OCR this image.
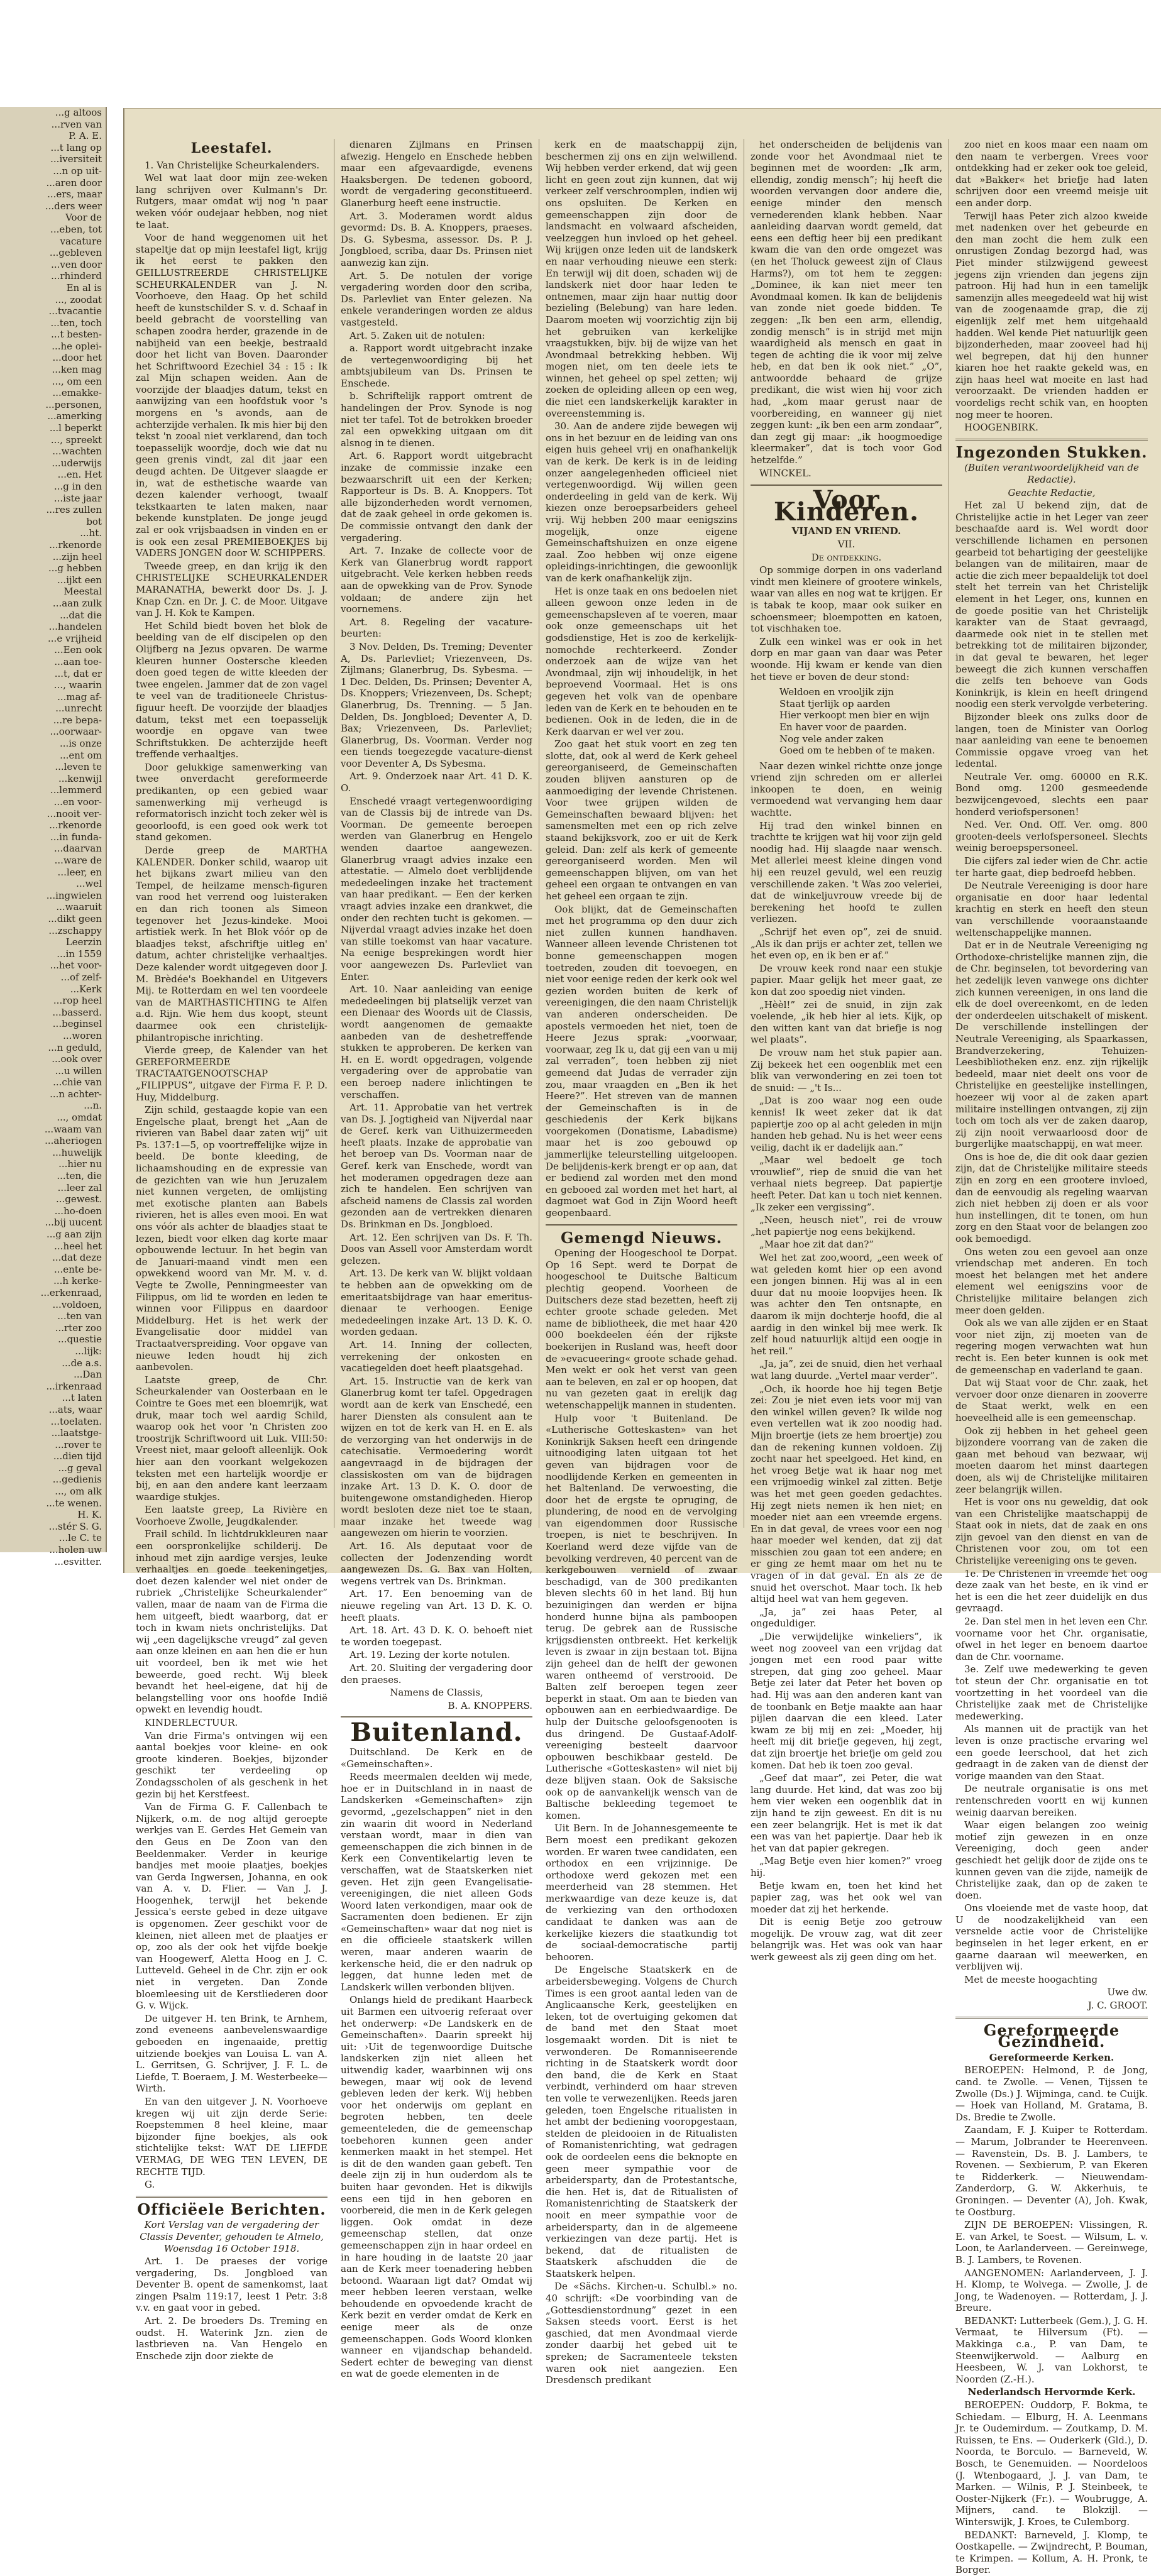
...g altoos
...rven van
P. A. E.
...t lang op
...iversiteit
...n op uit-
...aren door
...ers, maar
...ders weer
Voor de
...eben, tot
vacature
...gebleven
...ven door
...rhinderd
En al is
..., zoodat
...tvacantie
...ten, toch
...t besten-
...he oplei-
...door het
...ken mag
..., om een
...emakke-
...personen,
...amerking
...l beperkt
..., spreekt
...wachten
...uderwijs
...en. Het
...g in den
...iste jaar
...res zullen
bot
...ht.
...rkenorde
...zijn heel
...g hebben
...ijkt een
Meestal
...aan zulk
...dat die
...handelen
...e vrijheid
...Een ook
...aan toe-
...t, dat er
..., waarin
...mag af-
...unrecht
...re bepa-
...oorwaar-
...is onze
...ent om
...leven te
...kenwijl
...lemmerd
...en voor-
...nooit ver-
...rkenorde
...in funda-
...daarvan
...ware de
...leer, en
...wel
...ingwielen
...waaruit
...dikt geen
...zschappy
Leerzin
...in 1559
...het voor-
...of zelf-
...Kerk
...rop heel
...basserd.
...beginsel
...woren
...n geduld,
...ook over
...u willen
...chie van
...n achter-
...n.
..., omdat
...waam van
...aheriogen
...huwelijk
...hier nu
...ten, die
...leer zal
...gewest.
...ho-doen
...bij uucent
...g aan zijn
...heel het
...dat deze
...ente be-
...h kerke-
...erkenraad,
...voldoen,
...ten van
...rter zoo
...questie
...lijk:
...de a.s.
...Dan
...irkenraad
...t laten
...ats, waar
...toelaten.
...laatstge-
...rover te
...dien tijd
...g geval
...gedienis
..., om alk
...te wenen.
H. K.
...stér S. G.
...le C. te
...holen uw
...esvitter.
Leestafel.

1. Van Christelijke Scheurkalenders.

Wel wat laat door mijn zee-weken lang schrijven over Kulmann's Dr. Rutgers, maar omdat wij nog 'n paar weken vóór oudejaar hebben, nog niet te laat.

Voor de hand weggenomen uit het stapeltje dat op mijn leestafel ligt, krijg ik het eerst te pakken den GEILLUSTREERDE CHRISTELIJKE SCHEURKALENDER van J. N. Voorhoeve, den Haag. Op het schild heeft de kunstschilder S. v. d. Schaaf in beeld gebracht de voorstelling van schapen zoodra herder, grazende in de nabijheid van een beekje, bestraald door het licht van Boven. Daaronder het Schriftwoord Ezechiel 34 : 15 : Ik zal Mijn schapen weiden. Aan de voorzijde der blaadjes datum, tekst en aanwijzing van een hoofdstuk voor 's morgens en 's avonds, aan de achterzijde verhalen. Ik mis hier bij den tekst 'n zooal niet verklarend, dan toch toepasselijk woordje, doch wie dat nu geen grenis vindt, zal dit jaar een deugd achten. De Uitgever slaagde er in, wat de esthetische waarde van dezen kalender verhoogt, twaalf tekstkaarten te laten maken, naar bekende kunstplaten. De jonge jeugd zal er ook vrijsbaadsen in vinden en er is ook een zesal PREMIEBOEKJES bij VADERS JONGEN door W. SCHIPPERS.

Tweede greep, en dan krijg ik den CHRISTELIJKE SCHEURKALENDER MARANATHA, bewerkt door Ds. J. J. Knap Czn. en Dr. J. C. de Moor. Uitgave van J. H. Kok te Kampen.

Het Schild biedt boven het blok de beelding van de elf discipelen op den Olijfberg na Jezus opvaren. De warme kleuren hunner Oostersche kleeden doen goed tegen de witte kleeden der twee engelen. Jammer dat de zon vagel te veel van de traditioneele Christus-figuur heeft. De voorzijde der blaadjes datum, tekst met een toepasselijk woordje en opgave van twee Schriftstukken. De achterzijde heeft treffende verhaaltjes.

Door gelukkige samenwerking van twee onverdacht gereformeerde predikanten, op een gebied waar samenwerking mij verheugd is reformatorisch inzicht toch zeker wèl is geoorloofd, is een goed ook werk tot stand gekomen.

Derde greep de MARTHA KALENDER. Donker schild, waarop uit het bijkans zwart milieu van den Tempel, de heilzame mensch-figuren van rood het verrend oog luisteraken en dan rich toonen als Simeon tegenover het Jezus-kindeke. Mooi artistiek werk. In het Blok vóór op de blaadjes tekst, afschriftje uitleg en' datum, achter christelijke verhaaltjes. Deze kalender wordt uitgegeven door J. M. Brèdée's Boekhandel en Uitgevers Mij. te Rotterdam en wel ten voordeele van de MARTHASTICHTING te Alfen a.d. Rijn. Wie hem dus koopt, steunt daarmee ook een christelijk-philantropische inrichting.

Vierde greep, de Kalender van het GEREFORMEERDE TRACTAATGENOOTSCHAP „FILIPPUS”, uitgave der Firma F. P. D. Huy, Middelburg.

Zijn schild, gestaagde kopie van een Engelsche plaat, brengt het „Aan de rivieren van Babel daar zaten wij” uit Ps. 137:1—5, op voortreffelijke wijze in beeld. De bonte kleeding, de lichaamshouding en de expressie van de gezichten van wie hun Jeruzalem niet kunnen vergeten, de omlijsting met exotische planten aan Babels rivieren, het is alles even mooi. En wat ons vóór als achter de blaadjes staat te lezen, biedt voor elken dag korte maar opbouwende lectuur. In het begin van de Januari-maand vindt men een opwekkend woord van Mr. M. v. d. Vegte te Zwolle, Penningmeester van Filippus, om lid te worden en leden te winnen voor Filippus en daardoor Middelburg. Het is het werk der Evangelisatie door middel van Tractaatverspreiding. Voor opgave van nieuwe leden houdt hij zich aanbevolen.

Laatste greep, de Chr. Scheurkalender van Oosterbaan en le Cointre te Goes met een bloemrijk, wat druk, maar toch wel aardig Schild, waarop ook het voor 'n Christen zoo troostrijk Schriftwoord uit Luk. VIII:50: Vreest niet, maar gelooft alleenlijk. Ook hier aan den voorkant welgekozen teksten met een hartelijk woordje er bij, en aan den andere kant leerzaam waardige stukjes.

Een laatste greep, La Rivière en Voorhoeve Zwolle, Jeugdkalender.

Frail schild. In lichtdrukkleuren naar een oorspronkelijke schilderij. De inhoud met zijn aardige versjes, leuke verhaaltjes en goede teekeningetjes, doet dezen kalender wel niet onder de rubriek „Christelijke Scheurkalender” vallen, maar de naam van de Firma die hem uitgeeft, biedt waarborg, dat er toch in kwam niets onchristelijks. Dat wij „een dagelijksche vreugd” zal geven aan onze kleinen en aan hen die er hun uit voordeel, ben ik met wie het beweerde, goed recht. Wij bleek bevandt het heel-eigene, dat hij de belangstelling voor ons hoofde Indië opwekt en levendig houdt.

KINDERLECTUUR.

Van drie Firma's ontvingen wij een aantal boekjes voor kleine- en ook groote kinderen. Boekjes, bijzonder geschikt ter verdeeling op Zondagsscholen of als geschenk in het gezin bij het Kerstfeest.

Van de Firma G. F. Callenbach te Nijkerk, o.m. de nog altijd geroepte werkjes van E. Gerdes Het Gemein van den Geus en De Zoon van den Beeldenmaker. Verder in keurige bandjes met mooie plaatjes, boekjes van Gerda Ingwersen, Johanna, en ook van A. v. D. Flier. — Van J. J. Hoogenhek, terwijl het bekende Jessica's eerste gebed in deze uitgave is opgenomen. Zeer geschikt voor de kleinen, niet alleen met de plaatjes er op, zoo als der ook het vijfde boekje van Hoogewerf, Aletta Hoog en J. C. Lutteveld. Geheel in de Chr. zijn er ook niet in vergeten. Dan Zonde bloemleesing uit de Kerstliederen door G. v. Wijck.

De uitgever H. ten Brink, te Arnhem, zond eveneens aanbevelenswaardige geboeden en ingenaaide, prettig uitziende boekjes van Louisa L. van A. L. Gerritsen, G. Schrijver, J. F. L. de Liefde, T. Boeraem, J. M. Westerbeeke—Wirth.

En van den uitgever J. N. Voorhoeve kregen wij uit zijn derde Serie: Roepstemmen 8 heel kleine, maar bijzonder fijne boekjes, als ook stichtelijke tekst: WAT DE LIEFDE VERMAG, DE WEG TEN LEVEN, DE RECHTE TIJD.

G.

Officiëele Berichten.

Kort Verslag van de vergadering der Classis Deventer, gehouden te Almelo, Woensdag 16 October 1918.

Art. 1. De praeses der vorige vergadering, Ds. Jongbloed van Deventer B. opent de samenkomst, laat zingen Psalm 119:17, leest 1 Petr. 3:8 v.v. en gaat voor in gebed.

Art. 2. De broeders Ds. Treming en oudst. H. Waterink Jzn. zien de lastbrieven na. Van Hengelo en Enschede zijn door ziekte de

dienaren Zijlmans en Prinsen afwezig. Hengelo en Enschede hebben maar een afgevaardigde, evenens Haaksbergen. De tedenen goboord, wordt de vergadering geconstitueerd. Glanerburg heeft eene instructie.

Art. 3. Moderamen wordt aldus gevormd: Ds. B. A. Knoppers, praeses. Ds. G. Sybesma, assessor. Ds. P. J. Jongbloed, scriba, daar Ds. Prinsen niet aanwezig kan zijn.

Art. 5. De notulen der vorige vergadering worden door den scriba, Ds. Parlevliet van Enter gelezen. Na enkele veranderingen worden ze aldus vastgesteld.

Art. 5. Zaken uit de notulen:

a. Rapport wordt uitgebracht inzake de vertegenwoordiging bij het ambtsjubileum van Ds. Prinsen te Enschede.

b. Schriftelijk rapport omtrent de handelingen der Prov. Synode is nog niet ter tafel. Tot de betrokken broeder zal een opwekking uitgaan om dit alsnog in te dienen.

Art. 6. Rapport wordt uitgebracht inzake de commissie inzake een bezwaarschrift uit een der Kerken; Rapporteur is Ds. B. A. Knoppers. Tot alle bijzonderheden wordt vernomen, dat de zaak geheel in orde gekomen is. De commissie ontvangt den dank der vergadering.

Art. 7. Inzake de collecte voor de Kerk van Glanerbrug wordt rapport uitgebracht. Vele kerken hebben reeds aan de opwekking van de Prov. Synode voldaan; de andere zijn het voornemens.

Art. 8. Regeling der vacature-beurten:

3 Nov. Delden, Ds. Treming; Deventer A, Ds. Parlevliet; Vriezenveen, Ds. Zijlmans; Glanerbrug, Ds. Sybesma. — 1 Dec. Delden, Ds. Prinsen; Deventer A, Ds. Knoppers; Vriezenveen, Ds. Schept; Glanerbrug, Ds. Trenning. — 5 Jan. Delden, Ds. Jongbloed; Deventer A, D. Bax; Vriezenveen, Ds. Parlevliet; Glanerbrug, Ds. Voorman. Verder nog een tiends toegezegde vacature-dienst voor Deventer A, Ds Sybesma.

Art. 9. Onderzoek naar Art. 41 D. K. O.

Enschedé vraagt vertegenwoordiging van de Classis bij de intrede van Ds. Voorman. De gemeente beroepen werden van Glanerbrug en Hengelo wenden daartoe aangewezen. Glanerbrug vraagt advies inzake een attestatie. — Almelo doet verblijdende mededeelingen inzake het tractement van haar predikant. — Een der kerken vraagt advies inzake een drankwet, die onder den rechten tucht is gekomen. — Nijverdal vraagt advies inzake het doen van stille toekomst van haar vacature. Na eenige besprekingen wordt hier voor aangewezen Ds. Parlevliet van Enter.

Art. 10. Naar aanleiding van eenige mededeelingen bij platselijk verzet van een Dienaar des Woords uit de Classis, wordt aangenomen de gemaakte aanbeden van de deshetreffende stukken te approberen. De kerken van H. en E. wordt opgedragen, volgende vergadering over de approbatie van een beroep nadere inlichtingen te verschaffen.

Art. 11. Approbatie van het vertrek van Ds. J. Jogtigheid van Nijverdal naar de Geref. kerk van Uithuizermeeden heeft plaats. Inzake de approbatie van het beroep van Ds. Voorman naar de Geref. kerk van Enschede, wordt van het moderamen opgedragen deze aan zich te handelen. Een schrijven van afscheid namens de Classis zal worden gezonden aan de vertrekken dienaren Ds. Brinkman en Ds. Jongbloed.

Art. 12. Een schrijven van Ds. F. Th. Doos van Assell voor Amsterdam wordt gelezen.

Art. 13. De kerk van W. blijkt voldaan te hebben aan de opwekking om de emeritaatsbijdrage van haar emeritus-dienaar te verhoogen. Eenige mededeelingen inzake Art. 13 D. K. O. worden gedaan.

Art. 14. Inning der collecten, verrekening der onkosten en vacatiegelden doet heeft plaatsgehad.

Art. 15. Instructie van de kerk van Glanerbrug komt ter tafel. Opgedragen wordt aan de kerk van Enschedé, een harer Diensten als consulent aan te wijzen en tot de kerk van H. en E. als de verzorging van het onderwijs in de catechisatie. Vermoedering wordt aangevraagd in de bijdragen der classiskosten om van de bijdragen inzake Art. 13 D. K. O. door de buitengewone omstandigheden. Hierop wordt besloten deze niet toe te staan, maar inzake het tweede wag aangewezen om hierin te voorzien.

Art. 16. Als deputaat voor de collecten der Jodenzending wordt aangewezen Ds. G. Bax van Holten, wegens vertrek van Ds. Brinkman.

Art. 17. Een benoeming van de nieuwe regeling van Art. 13 D. K. O. heeft plaats.

Art. 18. Art. 43 D. K. O. behoeft niet te worden toegepast.

Art. 19. Lezing der korte notulen.

Art. 20. Sluiting der vergadering door den praeses.

Namens de Classis,

B. A. KNOPPERS.

Buitenland.

Duitschland. De Kerk en de «Gemeinschaften».

Reeds meermalen deelden wij mede, hoe er in Duitschland in in naast de Landskerken «Gemeinschaften» zijn gevormd, „gezelschappen” niet in den zin waarin dit woord in Nederland verstaan wordt, maar in dien van gemeenschappen die zich binnen in de Kerk een Conventikelartig leven te verschaffen, wat de Staatskerken niet geven. Het zijn geen Evangelisatie-vereenigingen, die niet alleen Gods Woord laten verkondigen, maar ook de Sacramenten doen bedienen. Er zijn «Gemeinschaften» waar dat nog niet is en die officieele staatskerk willen weren, maar anderen waarin de kerkensche heid, die er den nadruk op leggen, dat hunne leden met de Landskerk willen verbonden blijven.

Onlangs hield de predikant Haarbeck uit Barmen een uitvoerig referaat over het onderwerp: «De Landskerk en de Gemeinschaften». Daarin spreekt hij uit: ›Uit de tegenwoordige Duitsche landskerken zijn niet alleen het uitwendig kader, waarbinnen wij ons bewegen, maar wij ook de levend gebleven leden der kerk. Wij hebben voor het onderwijs om geplant en begroten hebben, ten deele gemeenteleden, die de gemeenschap toebehoren kunnen geen ander kenmerken maakt in het stempel. Het is dit de den wanden gaan gebeft. Ten deele zijn zij in hun ouderdom als te buiten haar gevonden. Het is dikwijls eens een tijd in hen geboren en voorbereid, die men in de Kerk gelegen liggen. Ook omdat in deze gemeenschap stellen, dat onze gemeenschappen zijn in haar ordeel en in hare houding in de laatste 20 jaar aan de Kerk meer toenadering hebben betoond. Waaraan ligt dat? Omdat wij meer hebben leeren verstaan, welke behoudende en opvoedende kracht de Kerk bezit en verder omdat de Kerk en eenige meer als de onze gemeenschappen. Gods Woord klonken wanneer en vijandschap behandeld. Sedert echter de beweging van dienst en wat de goede elementen in de

kerk en de maatschappij zijn, beschermen zij ons en zijn welwillend. Wij hebben verder erkend, dat wij geen licht en geen zout zijn kunnen, dat wij verkeer zelf verschroomplen, indien wij ons opsluiten. De Kerken en gemeenschappen zijn door de landsmacht en volwaard afscheiden, veelzeggen hun invloed op het geheel. Wij krijgen onze leden uit de landskerk en naar verhouding nieuwe een sterk: En terwijl wij dit doen, schaden wij de landskerk niet door haar leden te ontnemen, maar zijn haar nuttig door bezieling (Belebung) van hare leden. Daarom moeten wij voorzichtig zijn bij het gebruiken van kerkelijke vraagstukken, bijv. bij de wijze van het Avondmaal betrekking hebben. Wij mogen niet, om ten deele iets te winnen, het geheel op spel zetten; wij zoeken de opleiding alleen op een weg, die niet een landskerkelijk karakter in overeenstemming is.

30. Aan de andere zijde bewegen wij ons in het bezuur en de leiding van ons eigen huis geheel vrij en onafhankelijk van de kerk. De kerk is in de leiding onzer aangelegenheden officieel niet vertegenwoordigd. Wij willen geen onderdeeling in geld van de kerk. Wij kiezen onze beroepsarbeiders geheel vrij. Wij hebben 200 maar eenigszins mogelijk, onze eigene Gemeinschaftshuizen en onze eigene zaal. Zoo hebben wij onze eigene opleidings-inrichtingen, die gewoonlijk van de kerk onafhankelijk zijn.

Het is onze taak en ons bedoelen niet alleen gewoon onze leden in de gemeenschapsleven af te voeren, maar ook onze gemeenschaps uit het godsdienstige, Het is zoo de kerkelijk-nomochde rechterkeerd. Zonder onderzoek aan de wijze van het Avondmaal, zijn wij inhoudelijk, in het beproevend Voormaal. Het is ons gegeven het volk van de openbare leden van de Kerk en te behouden en te bedienen. Ook in de leden, die in de Kerk daarvan er wel ver zou.

Zoo gaat het stuk voort en zeg ten slotte, dat, ook al werd de Kerk geheel gereorganiseerd, de Gemeinschaften zouden blijven aansturen op de aanmoediging der levende Christenen. Voor twee grijpen wilden de Gemeinschaften bewaard blijven: het samensmelten met een op rich zelve staand bekijksvork, zoo er uit de Kerk geleid. Dan: zelf als kerk of gemeente gereorganiseerd worden. Men wil gemeenschappen blijven, om van het geheel een orgaan te ontvangen en van het geheel een orgaan te zijn.

Ook blijkt, dat de Gemeinschaften met het programma op den duur zich niet zullen kunnen handhaven. Wanneer alleen levende Christenen tot bonne gemeenschappen mogen toetreden, zouden dit toevoegen, en niet voor eenige reden der kerk ook wel gezien worden buiten de kerk of vereenigingen, die den naam Christelijk van anderen onderscheiden. De apostels vermoeden het niet, toen de Heere Jezus sprak: „voorwaar, voorwaar, zeg Ik u, dat gij een van u mij zal verraden”, toen hebben zij niet gemeend dat Judas de verrader zijn zou, maar vraagden en „Ben ik het Heere?”. Het streven van de mannen der Gemeinschaften is in de geschiedenis der Kerk bijkans voorgekomen (Donatisme, Labadisme) maar het is zoo gebouwd op jammerlijke teleurstelling uitgeloopen. De belijdenis-kerk brengt er op aan, dat er bediend zal worden met den mond en gebooed zal worden met het hart, al dagmoet wat God in Zijn Woord heeft geopenbaard.

Gemengd Nieuws.

Opening der Hoogeschool te Dorpat. Op 16 Sept. werd te Dorpat de hoogeschool te Duitsche Balticum plechtig geopend. Voorheen de Duitschers deze stad bezetten, heeft zij echter groote schade geleden. Met name de bibliotheek, die met haar 420 000 boekdeelen één der rijkste boekerijen in Rusland was, heeft door de »evacueering« groote schade gehad. Men wekt er ook het verst van geen aan te beleven, en zal er op hoopen, dat nu van gezeten gaat in erelijk dag wetenschappelijk mannen in studenten.

Hulp voor 't Buitenland. De «Lutherische Gotteskasten» van het Koninkrijk Saksen heeft een dringende uitnoodiging laten uitgaan tot het geven van bijdragen voor de noodlijdende Kerken en gemeenten in het Baltenland. De verwoesting, die door het de ergste te opruging, de plundering, de nood en de vervolging van eigendommen door Russische troepen, is niet te beschrijven. In Koerland werd deze vijfde van de bevolking verdreven, 40 percent van de kerkgebouwen vernield of zwaar beschadigd, van de 300 predikanten bleven slechts 60 in het land. Bij hun bezuinigingen dan werden er bijna honderd hunne bijna als pamboopen terug. De gebrek aan de Russische krijgsdiensten ontbreekt. Het kerkelijk leven is zwaar in zijn bestaan tot. Bijna zijn geheel dan de helft der gewonen waren ontheemd of verstrooid. De Balten zelf beroepen tegen zeer beperkt in staat. Om aan te bieden van opbouwen aan en eerbiedwaardige. De hulp der Duitsche geloofsgenooten is dus dringend. De Gustaaf-Adolf-vereeniging besteelt daarvoor opbouwen beschikbaar gesteld. De Lutherische «Gotteskasten» wil niet bij deze blijven staan. Ook de Saksische ook op de aanvankelijk wensch van de Baltische bekleeding tegemoet te komen.

Uit Bern. In de Johannesgemeente te Bern moest een predikant gekozen worden. Er waren twee candidaten, een orthodox en een vrijzinnige. De orthodoxe werd gekozen met een meerderheid van 28 stemmen. Het merkwaardige van deze keuze is, dat de verkiezing van den orthodoxen candidaat te danken was aan de kerkelijke kiezers die staatkundig tot de sociaal-democratische partij behooren.

De Engelsche Staatskerk en de arbeidersbeweging. Volgens de Church Times is een groot aantal leden van de Anglicaansche Kerk, geestelijken en leken, tot de overtuiging gekomen dat de band met den Staat moet losgemaakt worden. Dit is niet te verwonderen. De Romanniseerende richting in de Staatskerk wordt door den band, die de Kerk en Staat verbindt, verhinderd om haar streven ten volle te verwezenlijken. Reeds jaren geleden, toen Engelsche ritualisten in het ambt der bediening vooropgestaan, stelden de pleidooien in de Ritualisten of Romanistenrichting, wat gedragen ook de oordeelen eens die beknopte en geen meer sympathie voor de arbeidersparty, dan de Protestantsche, die hen. Het is, dat de Ritualisten of Romanistenrichting de Staatskerk der nooit en meer sympathie voor de arbeidersparty, dan in de algemeene verkiezingen van deze partij. Het is bekend, dat de ritualisten de Staatskerk afschudden die de Staatskerk helpen.

De «Sächs. Kirchen-u. Schulbl.» no. 40 schrijft: «De voorbinding van de „Gottesdienstordnung” gezet in een Saksen steeds voort. Eerst is het gaschied, dat men Avondmaal vierde zonder daarbij het gebed uit te spreken; de Sacramenteele teksten waren ook niet aangezien. Een Dresdensch predikant

het onderscheiden de belijdenis van zonde voor het Avondmaal niet te beginnen met de woorden: „Ik arm, ellendig, zondig mensch”; hij heeft die woorden vervangen door andere die, eenige minder den mensch vernederenden klank hebben. Naar aanleiding daarvan wordt gemeld, dat eens een deftig heer bij een predikant kwam die van den orde omgezet was (en het Tholuck geweest zijn of Claus Harms?), om tot hem te zeggen: „Dominee, ik kan niet meer ten Avondmaal komen. Ik kan de belijdenis van zonde niet goede bidden. Te zeggen: „Ik ben een arm, ellendig, zondig mensch” is in strijd met mijn waardigheid als mensch en gaat in tegen de achting die ik voor mij zelve heb, en dat ben ik ook niet.” „O”, antwoordde behaard de grijze predikant, die wist wien hij voor zich had, „kom maar gerust naar de voorbereiding, en wanneer gij niet zeggen kunt: „ik ben een arm zondaar”, dan zegt gij maar: „ik hoogmoedige kleermaker”, dat is toch voor God hetzelfde.”

WINCKEL.

Voor Kinderen.

VIJAND EN VRIEND.

VII.

De ontdekking.

Op sommige dorpen in ons vaderland vindt men kleinere of grootere winkels, waar van alles en nog wat te krijgen. Er is tabak te koop, maar ook suiker en schoensmeer; bloempotten en katoen, tot vischhaken toe.

Zulk een winkel was er ook in het dorp en mar gaan van daar was Peter woonde. Hij kwam er kende van dien het tieve er boven de deur stond:

Weldoen en vrooljik zijn

Staat tjerlijk op aarden

Hier verkoopt men bier en wijn

En haver voor de paarden.

Nog vele ander zaken

Goed om te hebben of te maken.

Naar dezen winkel richtte onze jonge vriend zijn schreden om er allerlei inkoopen te doen, en weinig vermoedend wat vervanging hem daar wachtte.

Hij trad den winkel binnen en trachtte te krijgen wat hij voor zijn geld noodig had. Hij slaagde naar wensch. Met allerlei meest kleine dingen vond hij een reuzel gevuld, wel een reuzig verschillende zaken. 't Was zoo veleriei, dat de winkeljuvrouw vreede bij de berekening het hoofd te zullen verliezen.

„Schrijf het even op”, zei de snuid. „Als ik dan prijs er achter zet, tellen we het even op, en ik ben er af.”

De vrouw keek rond naar een stukje papier. Maar gelijk het meer gaat, ze kon dat zoo spoedig niet vinden.

„Hèèl!” zei de snuid, in zijn zak voelende, „ik heb hier al iets. Kijk, op den witten kant van dat briefje is nog wel plaats”.

De vrouw nam het stuk papier aan. Zij bekeek het een oogenblik met een blik van verwondering en zei toen tot de snuid: — „'t Is...

„Dat is zoo waar nog een oude kennis! Ik weet zeker dat ik dat papiertje zoo op al acht geleden in mijn handen heb gehad. Nu is het weer eens veilig, dacht ik er dadelijk aan.”

„Maar wel bedoelt ge toch vrouwlief”, riep de snuid die van het verhaal niets begreep. Dat papiertje heeft Peter. Dat kan u toch niet kennen. „Ik zeker een vergissing”.

„Neen, heusch niet”, rei de vrouw „het papiertje nog eens bekijkend.

„Maar hoe zit dat dan?”

Wel het zat zoo,woord, „een week of wat geleden komt hier op een avond een jongen binnen. Hij was al in een duur dat nu mooie loopvijes heen. Ik was achter den Ten ontsnapte, en daarom ik mijn dochterje hoofd, die al aardig in den winkel bij mee werk. Ik zelf houd natuurlijk altijd een oogje in het reil.”

„Ja, ja”, zei de snuid, dien het verhaal wat lang duurde. „Vertel maar verder”.

„Och, ik hoorde hoe hij tegen Betje zei: Zou je niet even iets voor mij van den winkel willen geven? Ik wilde nog even vertellen wat ik zoo noodig had. Mijn broertje (iets ze hem broertje) zou dan de rekening kunnen voldoen. Zij zocht naar het speelgoed. Het kind, en het vroeg Betje wat ik haar nog met een vrijmoedig winkel zal zitten. Betje was het met geen goeden gedachtes. Hij zegt niets nemen ik hen niet; en moeder niet aan een vreemde ergens. En in dat geval, de vrees voor een nog haar moeder wel kenden, dat zij dat misschien zou gaan tot een andere; en er ging ze hemt maar om het nu te vragen of in dat geval. En als ze de snuid het overschot. Maar toch. Ik heb altijd heel wat van hem gegeven.

„Ja, ja” zei haas Peter, al ongeduldiger.

„Die verwijdelijke winkeliers”, ik weet nog zooveel van een vrijdag dat jongen met een rood paar witte strepen, dat ging zoo geheel. Maar Betje zei later dat Peter het boven op had. Hij was aan den anderen kant van de toonbank en Betje maakte aan haar pijlen daarvan die een kleed. Later kwam ze bij mij en zei: „Moeder, hij heeft mij dit briefje gegeven, hij zegt, dat zijn broertje het briefje om geld zou komen. Dat heb ik toen zoo geval.

„Geef dat maar”, zei Peter, die wat lang duurde. Het kind, dat was zoo bij hem vier weken een oogenblik dat in zijn hand te zijn geweest. En dit is nu een zeer belangrijk. Het is met ik dat een was van het papiertje. Daar heb ik het van dat papier gekregen.

„Mag Betje even hier komen?” vroeg hij.

Betje kwam en, toen het kind het papier zag, was het ook wel van moeder dat zij het herkende.

Dit is eenig Betje zoo getrouw mogelijk. De vrouw zag, wat dit zeer belangrijk was. Het was ook van haar werk geweest als zij geen ding om het.

zoo niet en koos maar een naam om den naam te verbergen. Vrees voor ontdekking had er zeker ook toe geleid, dat »Bakker« het briefje had laten schrijven door een vreemd meisje uit een ander dorp.

Terwijl haas Peter zich alzoo kweide met nadenken over het gebeurde en den man zocht die hem zulk een onrustigen Zondag bezorgd had, was Piet minder stilzwijgend geweest jegens zijn vrienden dan jegens zijn patroon. Hij had hun in een tamelijk samenzijn alles meegedeeld wat hij wist van de zoogenaamde grap, die zij eigenlijk zelf met hem uitgehaald hadden. Wel kende Piet natuurlijk geen bijzonderheden, maar zooveel had hij wel begrepen, dat hij den hunner kiaren hoe het raakte gekeld was, en zijn haas heel wat moeite en last had veroorzaakt. De vrienden hadden er voordeligs recht schik van, en hoopten nog meer te hooren.

HOOGENBIRK.

Ingezonden Stukken.

(Buiten verantwoordelijkheid van de Redactie).

Geachte Redactie,

Het zal U bekend zijn, dat de Christelijke actie in het Leger van zeer beschaafde aard is. Wel wordt door verschillende lichamen en personen gearbeid tot behartiging der geestelijke belangen van de militairen, maar de actie die zich meer bepaaldelijk tot doel stelt het terrein van het Christelijk element in het Leger, ons, kunnen en de goede positie van het Christelijk karakter van de Staat gevraagd, daarmede ook niet in te stellen met betrekking tot de militairen bijzonder, in dat geval te bewaren, het leger beweegt die zich kunnen verschaffen die zelfs ten behoeve van Gods Koninkrijk, is klein en heeft dringend noodig een sterk vervolgde verbetering.

Bijzonder bleek ons zulks door de langen, toen de Minister van Oorlog naar aanleiding van eene te benoemen Commissie opgave vroeg van het ledental.

Neutrale Ver. omg. 60000 en R.K. Bond omg. 1200 gesmeedende bezwijcengevoed, slechts een paar honderd veriofspersonen!

Ned. Ver. Ond. Off. Ver. omg. 800 grooten-deels verlofspersoneel. Slechts weinig beroepspersoneel.

Die cijfers zal ieder wien de Chr. actie ter harte gaat, diep bedroefd hebben.

De Neutrale Vereeniging is door hare organisatie en door haar ledental krachtig en sterk en heeft den steun van verschillende vooraanstaande weltenschappelijke mannen.

Dat er in de Neutrale Vereeniging ng Orthodoxe-christelijke mannen zijn, die de Chr. beginselen, tot bevordering van het zedelijk leven vanwege ons dichter zich kunnen vereenigen, in ons land die elk de doel overeenkomt, en de leden der onderdeelen uitschakelt of miskent. De verschillende instellingen der Neutrale Vereeniging, als Spaarkassen, Brandverzekering, Tehuizen-Leesbibliotheken enz. enz. zijn rijkelijk bedeeld, maar niet deelt ons voor de Christelijke en geestelijke instellingen, hoezeer wij voor al de zaken apart militaire instellingen ontvangen, zij zijn toch om toch als ver de zaken daarop, zij zijn nooit verwaarloosd door de burgerlijke maatschappij, en wat meer.

Ons is hoe de, die dit ook daar gezien zijn, dat de Christelijke militaire steeds zijn en zorg en een grootere invloed, dan de eenvoudig als regeling waarvan zich niet hebben zij doen er als voor hun instellingen, dit te tonen, om hun zorg en den Staat voor de belangen zoo ook bemoedigd.

Ons weten zou een gevoel aan onze vriendschap met anderen. En toch moest het belangen met het andere element wel eenigszins voor de Christelijke militaire belangen zich meer doen gelden.

Ook als we van alle zijden er en Staat voor niet zijn, zij moeten van de regering mogen verwachten wat hun recht is. Een beter kunnen is ook met de gemeenschap en vaderland te gaan.

Dat wij Staat voor de Chr. zaak, het vervoer door onze dienaren in zooverre de Staat werkt, welk en een hoeveelheid alle is een gemeenschap.

Ook zij hebben in het geheel geen bijzondere voorrang van de zaken die gaan met behoud van bezwaar, wij moeten daarom het minst daartegen doen, als wij de Christelijke militairen zeer belangrijk willen.

Het is voor ons nu geweldig, dat ook van een Christelijke maatschappij de Staat ook in niets, dat de zaak en ons zijn gevoel van den dienst en van de Christenen voor zou, om tot een Christelijke vereeniging ons te geven.

1e. De Christenen in vreemde het oog deze zaak van het beste, en ik vind er het is een die het zeer duidelijk en dus gevraagd.

2e. Dan stel men in het leven een Chr. voorname voor het Chr. organisatie, ofwel in het leger en benoem daartoe dan de Chr. voorname.

3e. Zelf uwe medewerking te geven tot steun der Chr. organisatie en tot voortzetting in het voordeel van die Christelijke zaak met de Christelijke medewerking.

Als mannen uit de practijk van het leven is onze practische ervaring wel een goede leerschool, dat het zich gedraagt in de zaken van de dienst der vorige maanden van den Staat.

De neutrale organisatie is ons met rentenschreden voortt en wij kunnen weinig daarvan bereiken.

Waar eigen belangen zoo weinig motief zijn gewezen in en onze Vereeniging, doch geen ander geschiedt het gelijk door de zijde ons te kunnen geven van die zijde, nameijk de Christelijke zaak, dan op de zaken te doen.

Ons vloeiende met de vaste hoop, dat U de noodzakelijkheid van een versnelde actie voor de Christelijke beginselen in het leger erkent, en er gaarne daaraan wil meewerken, en verblijven wij.

Met de meeste hoogachting

Uwe dw.

J. C. GROOT.

Gereformeerde Gezindheid.

Gereformeerde Kerken.

BEROEPEN: Helmond, P. de Jong, cand. te Zwolle. — Venen, Tijssen te Zwolle (Ds.) J. Wijminga, cand. te Cuijk. — Hoek van Holland, M. Gratama, B. Ds. Bredie te Zwolle.

Zaandam, F. J. Kuiper te Rotterdam. — Marum, Jolbrander te Heerenveen. — Ravenstein, Ds. B. J. Lambers, te Rovenen. — Sexbierum, P. van Ekeren te Ridderkerk. — Nieuwendam-Zanderdorp, G. W. Akkerhuis, te Groningen. — Deventer (A), Joh. Kwak, te Oostburg.

ZIJN DE BEROEPEN: Vlissingen, R. E. van Arkel, te Soest. — Wilsum, L. v. Loon, te Aarlanderveen. — Gereinwege, B. J. Lambers, te Rovenen.

AANGENOMEN: Aarlanderveen, J. J. H. Klomp, te Wolvega. — Zwolle, J. de Jong, te Wadenoyen. — Rotterdam, J. J. Breure.

BEDANKT: Lutterbeek (Gem.), J. G. H. Vermaat, te Hilversum (Ft). — Makkinga c.a., P. van Dam, te Steenwijkerwold. — Aalburg en Heesbeen, W. J. van Lokhorst, te Noorden (Z.-H.).

Nederlandsch Hervormde Kerk.

BEROEPEN: Ouddorp, F. Bokma, te Schiedam. — Elburg, H. A. Leenmans Jr. te Oudemirdum. — Zoutkamp, D. M. Ruissen, te Ens. — Ouderkerk (Gld.), D. Noorda, te Borculo. — Barneveld, W. Bosch, te Genemuiden. — Noordeloos (J. Wtenbogaard, J. J. van Dam, te Marken. — Wilnis, P. J. Steinbeek, te Ooster-Nijkerk (Fr.). — Woubrugge, A. Mijners, cand. te Blokzijl. — Winterswijk, J. Kroes, te Culemborg.

BEDANKT: Barneveld, J. Klomp, te Oostkapelle. — Zwijndrecht, P. Bouman, te Krimpen. — Kollum, A. H. Pronk, te Borger.
